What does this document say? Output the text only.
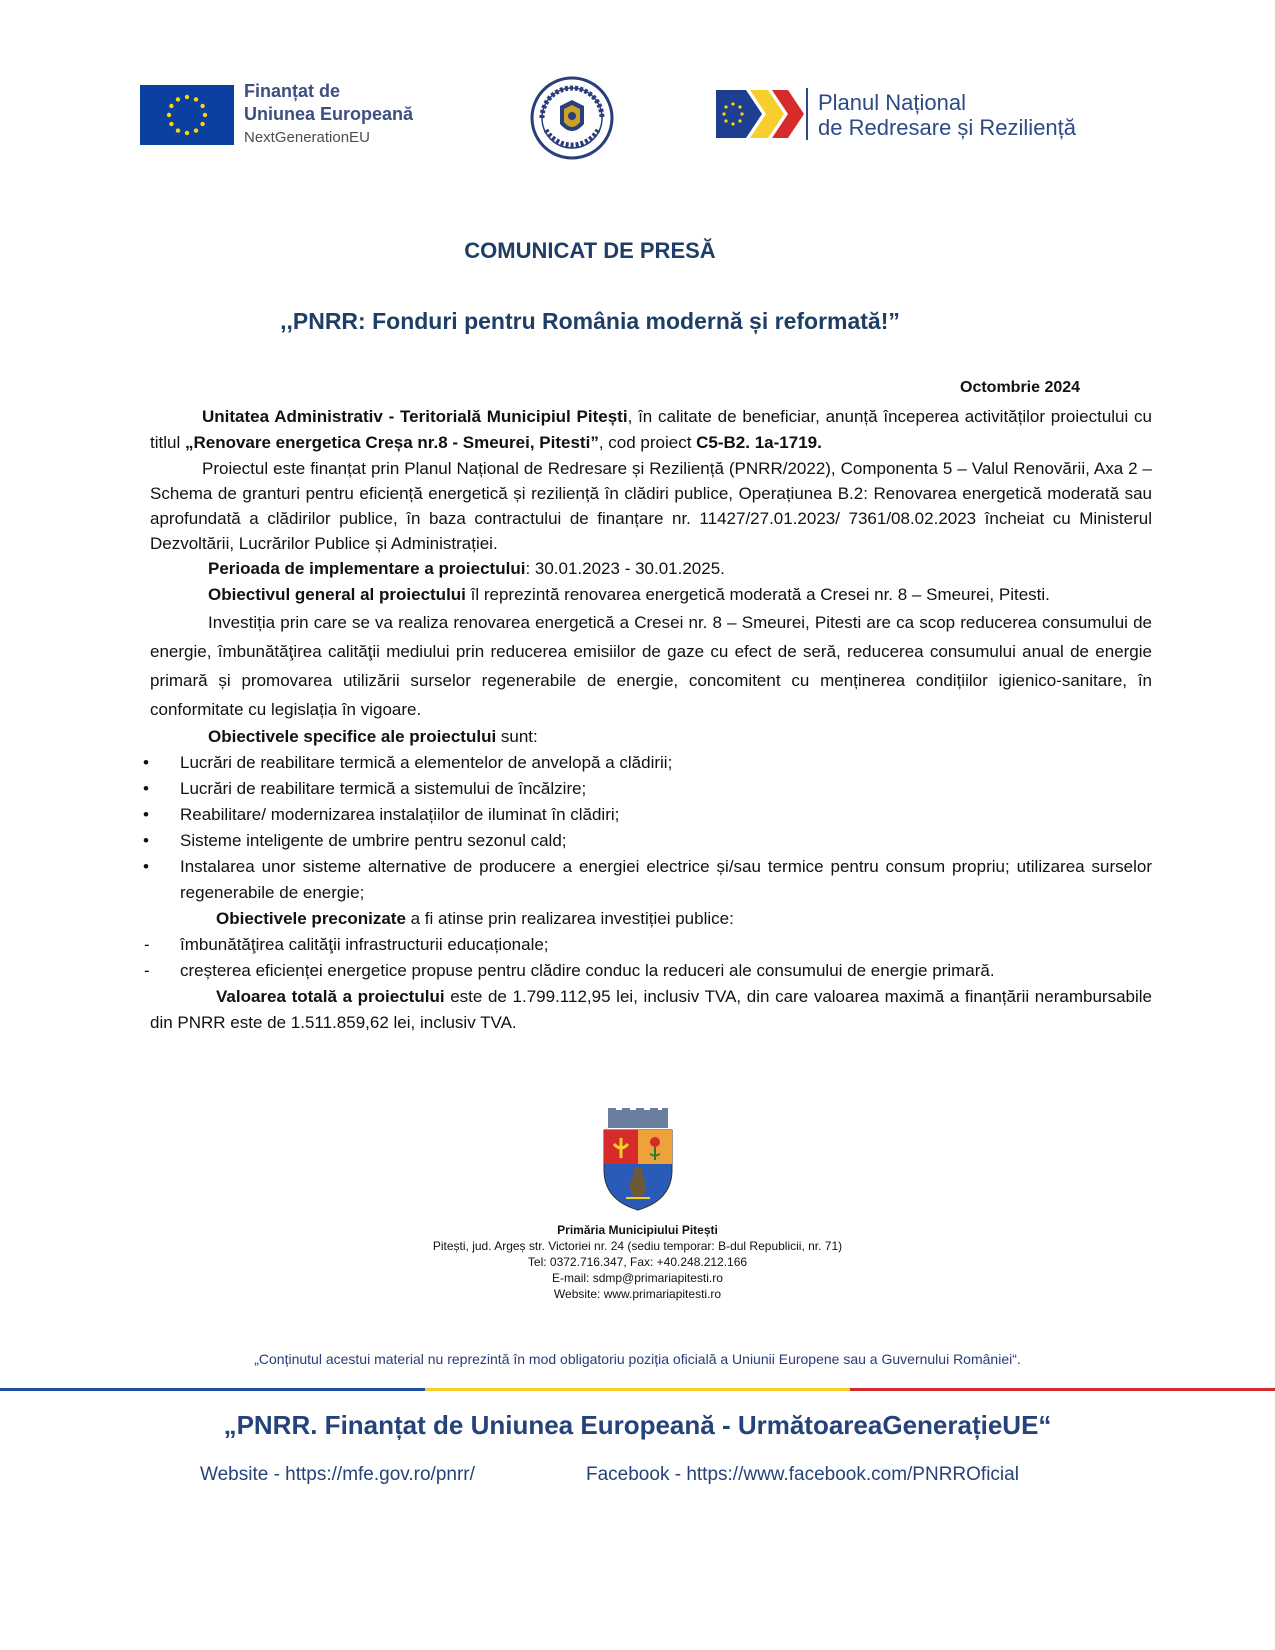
Finanțat de
Uniunea Europeană
NextGenerationEU
Planul Național
de Redresare și Reziliență
COMUNICAT DE PRESĂ
,,PNRR: Fonduri pentru România modernă și reformată!”
Octombrie 2024

Unitatea Administrativ - Teritorială Municipiul Pitești, în calitate de beneficiar, anunță începerea activităților proiectului cu titlul „Renovare energetica Creșa nr.8 - Smeurei, Pitesti”, cod proiect C5-B2. 1a-1719.

Proiectul este finanțat prin Planul Național de Redresare și Reziliență (PNRR/2022), Componenta 5 – Valul Renovării, Axa 2 – Schema de granturi pentru eficiență energetică și reziliență în clădiri publice, Operațiunea B.2: Renovarea energetică moderată sau aprofundată a clădirilor publice, în baza contractului de finanțare nr. 11427/27.01.2023/ 7361/08.02.2023 încheiat cu Ministerul Dezvoltării, Lucrărilor Publice și Administrației.

Perioada de implementare a proiectului: 30.01.2023 - 30.01.2025.

Obiectivul general al proiectului îl reprezintă renovarea energetică moderată a Cresei nr. 8 – Smeurei, Pitesti.

Investiția prin care se va realiza renovarea energetică a Cresei nr. 8 – Smeurei, Pitesti are ca scop reducerea consumului de energie, îmbunătăţirea calităţii mediului prin reducerea emisiilor de gaze cu efect de seră, reducerea consumului anual de energie primară și promovarea utilizării surselor regenerabile de energie, concomitent cu menținerea condițiilor igienico-sanitare, în conformitate cu legislația în vigoare.

Obiectivele specifice ale proiectului sunt:

• Lucrări de reabilitare termică a elementelor de anvelopă a clădirii;
• Lucrări de reabilitare termică a sistemului de încălzire;
• Reabilitare/ modernizarea instalațiilor de iluminat în clădiri;
• Sisteme inteligente de umbrire pentru sezonul cald;
• Instalarea unor sisteme alternative de producere a energiei electrice și/sau termice pentru consum propriu; utilizarea surselor regenerabile de energie;

Obiectivele preconizate a fi atinse prin realizarea investiției publice:

- îmbunătăţirea calităţii infrastructurii educaționale;
- creșterea eficienței energetice propuse pentru clădire conduc la reduceri ale consumului de energie primară.

Valoarea totală a proiectului este de 1.799.112,95 lei, inclusiv TVA, din care valoarea maximă a finanțării nerambursabile din PNRR este de 1.511.859,62 lei, inclusiv TVA.

Primăria Municipiului Pitești
Pitești, jud. Argeș str. Victoriei nr. 24 (sediu temporar: B-dul Republicii, nr. 71)
Tel: 0372.716.347, Fax: +40.248.212.166
E-mail: sdmp@primariapitesti.ro
Website: www.primariapitesti.ro
„Conținutul acestui material nu reprezintă în mod obligatoriu poziția oficială a Uniunii Europene sau a Guvernului României“.
„PNRR. Finanțat de Uniunea Europeană - UrmătoareaGenerațieUE“
Website - https://mfe.gov.ro/pnrr/	Facebook - https://www.facebook.com/PNRROficial
